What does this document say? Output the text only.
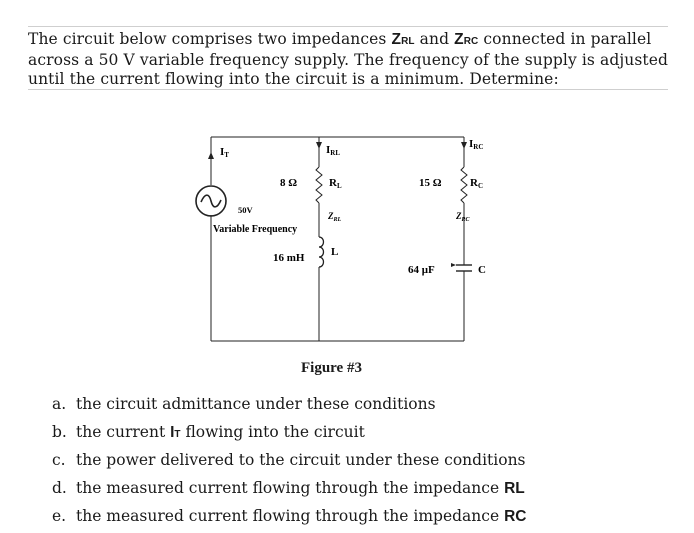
The circuit below comprises two impedances ZRL and ZRC connected in parallel across a 50 V variable frequency supply. The frequency of the supply is adjusted until the current flowing into the circuit is a minimum. Determine:
IT	IRL
IRC
8 Ω	RL
$Z_{RL}$
50V
Variable Frequency
16 mH L
15 Ω	RC
$Z_{RC}$
64 μF	C
Figure #3
a. the circuit admittance under these conditions
b. the current IT flowing into the circuit
c. the power delivered to the circuit under these conditions
d. the measured current flowing through the impedance RL
e. the measured current flowing through the impedance RC
